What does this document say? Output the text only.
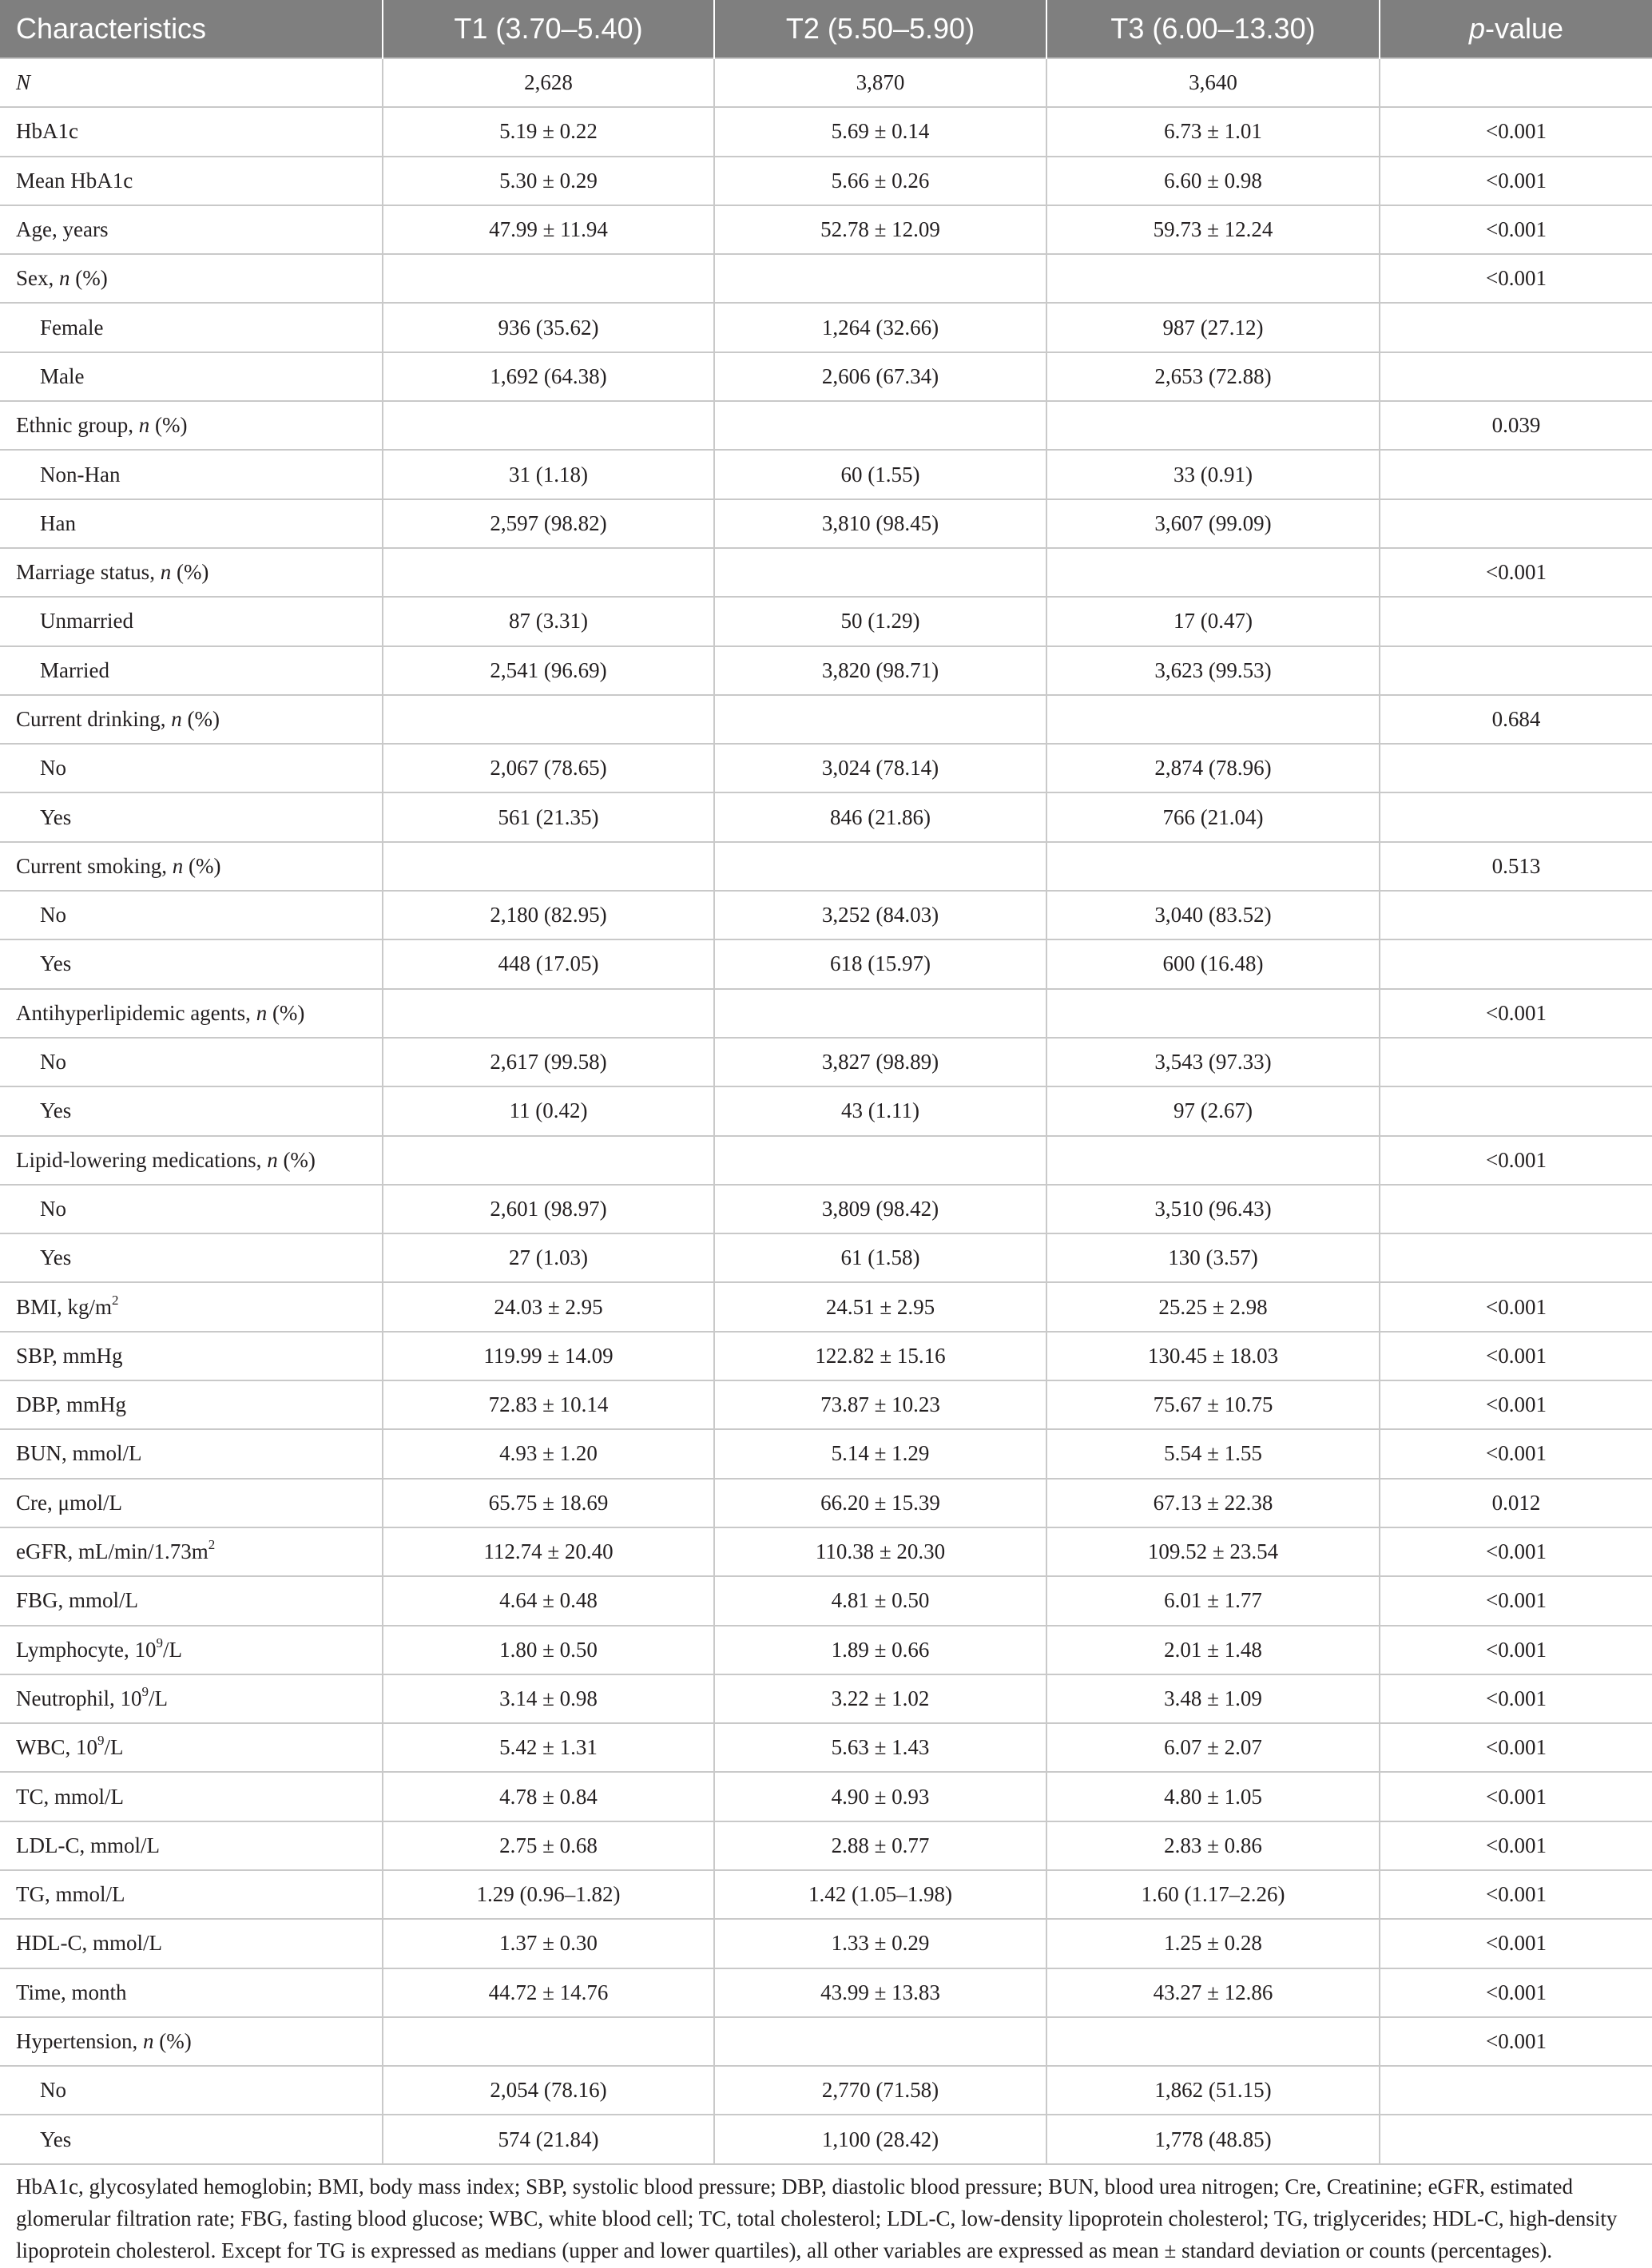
Characteristics	T1 (3.70–5.40)	T2 (5.50–5.90)	T3 (6.00–13.30)	p-value
N	2,628	3,870	3,640	
HbA1c	5.19 ± 0.22	5.69 ± 0.14	6.73 ± 1.01	<0.001
Mean HbA1c	5.30 ± 0.29	5.66 ± 0.26	6.60 ± 0.98	<0.001
Age, years	47.99 ± 11.94	52.78 ± 12.09	59.73 ± 12.24	<0.001
Sex, n (%)				<0.001
Female	936 (35.62)	1,264 (32.66)	987 (27.12)	
Male	1,692 (64.38)	2,606 (67.34)	2,653 (72.88)	
Ethnic group, n (%)				0.039
Non-Han	31 (1.18)	60 (1.55)	33 (0.91)	
Han	2,597 (98.82)	3,810 (98.45)	3,607 (99.09)	
Marriage status, n (%)				<0.001
Unmarried	87 (3.31)	50 (1.29)	17 (0.47)	
Married	2,541 (96.69)	3,820 (98.71)	3,623 (99.53)	
Current drinking, n (%)				0.684
No	2,067 (78.65)	3,024 (78.14)	2,874 (78.96)	
Yes	561 (21.35)	846 (21.86)	766 (21.04)	
Current smoking, n (%)				0.513
No	2,180 (82.95)	3,252 (84.03)	3,040 (83.52)	
Yes	448 (17.05)	618 (15.97)	600 (16.48)	
Antihyperlipidemic agents, n (%)				<0.001
No	2,617 (99.58)	3,827 (98.89)	3,543 (97.33)	
Yes	11 (0.42)	43 (1.11)	97 (2.67)	
Lipid-lowering medications, n (%)				<0.001
No	2,601 (98.97)	3,809 (98.42)	3,510 (96.43)	
Yes	27 (1.03)	61 (1.58)	130 (3.57)	
BMI, $kg/m^2$	24.03 ± 2.95	24.51 ± 2.95	25.25 ± 2.98	<0.001
SBP, mmHg	119.99 ± 14.09	122.82 ± 15.16	130.45 ± 18.03	<0.001
DBP, mmHg	72.83 ± 10.14	73.87 ± 10.23	75.67 ± 10.75	<0.001
BUN, mmol/L	4.93 ± 1.20	5.14 ± 1.29	5.54 ± 1.55	<0.001
Cre, μmol/L	65.75 ± 18.69	66.20 ± 15.39	67.13 ± 22.38	0.012
eGFR, $mL/\min/1.73m^2$	112.74 ± 20.40	110.38 ± 20.30	109.52 ± 23.54	<0.001
FBG, mmol/L	4.64 ± 0.48	4.81 ± 0.50	6.01 ± 1.77	<0.001
Lymphocyte, $10^9/L$	1.80 ± 0.50	1.89 ± 0.66	2.01 ± 1.48	<0.001
Neutrophil, $10^9/L$	3.14 ± 0.98	3.22 ± 1.02	3.48 ± 1.09	<0.001
WBC, $10^9/L$	5.42 ± 1.31	5.63 ± 1.43	6.07 ± 2.07	<0.001
TC, mmol/L	4.78 ± 0.84	4.90 ± 0.93	4.80 ± 1.05	<0.001
LDL-C, mmol/L	2.75 ± 0.68	2.88 ± 0.77	2.83 ± 0.86	<0.001
TG, mmol/L	1.29 (0.96–1.82)	1.42 (1.05–1.98)	1.60 (1.17–2.26)	<0.001
HDL-C, mmol/L	1.37 ± 0.30	1.33 ± 0.29	1.25 ± 0.28	<0.001
Time, month	44.72 ± 14.76	43.99 ± 13.83	43.27 ± 12.86	<0.001
Hypertension, n (%)				<0.001
No	2,054 (78.16)	2,770 (71.58)	1,862 (51.15)	
Yes	574 (21.84)	1,100 (28.42)	1,778 (48.85)	
HbA1c, glycosylated hemoglobin; BMI, body mass index; SBP, systolic blood pressure; DBP, diastolic blood pressure; BUN, blood urea nitrogen; Cre, Creatinine; eGFR, estimated glomerular filtration rate; FBG, fasting blood glucose; WBC, white blood cell; TC, total cholesterol; LDL-C, low-density lipoprotein cholesterol; TG, triglycerides; HDL-C, high-density lipoprotein cholesterol. Except for TG is expressed as medians (upper and lower quartiles), all other variables are expressed as mean ± standard deviation or counts (percentages).
